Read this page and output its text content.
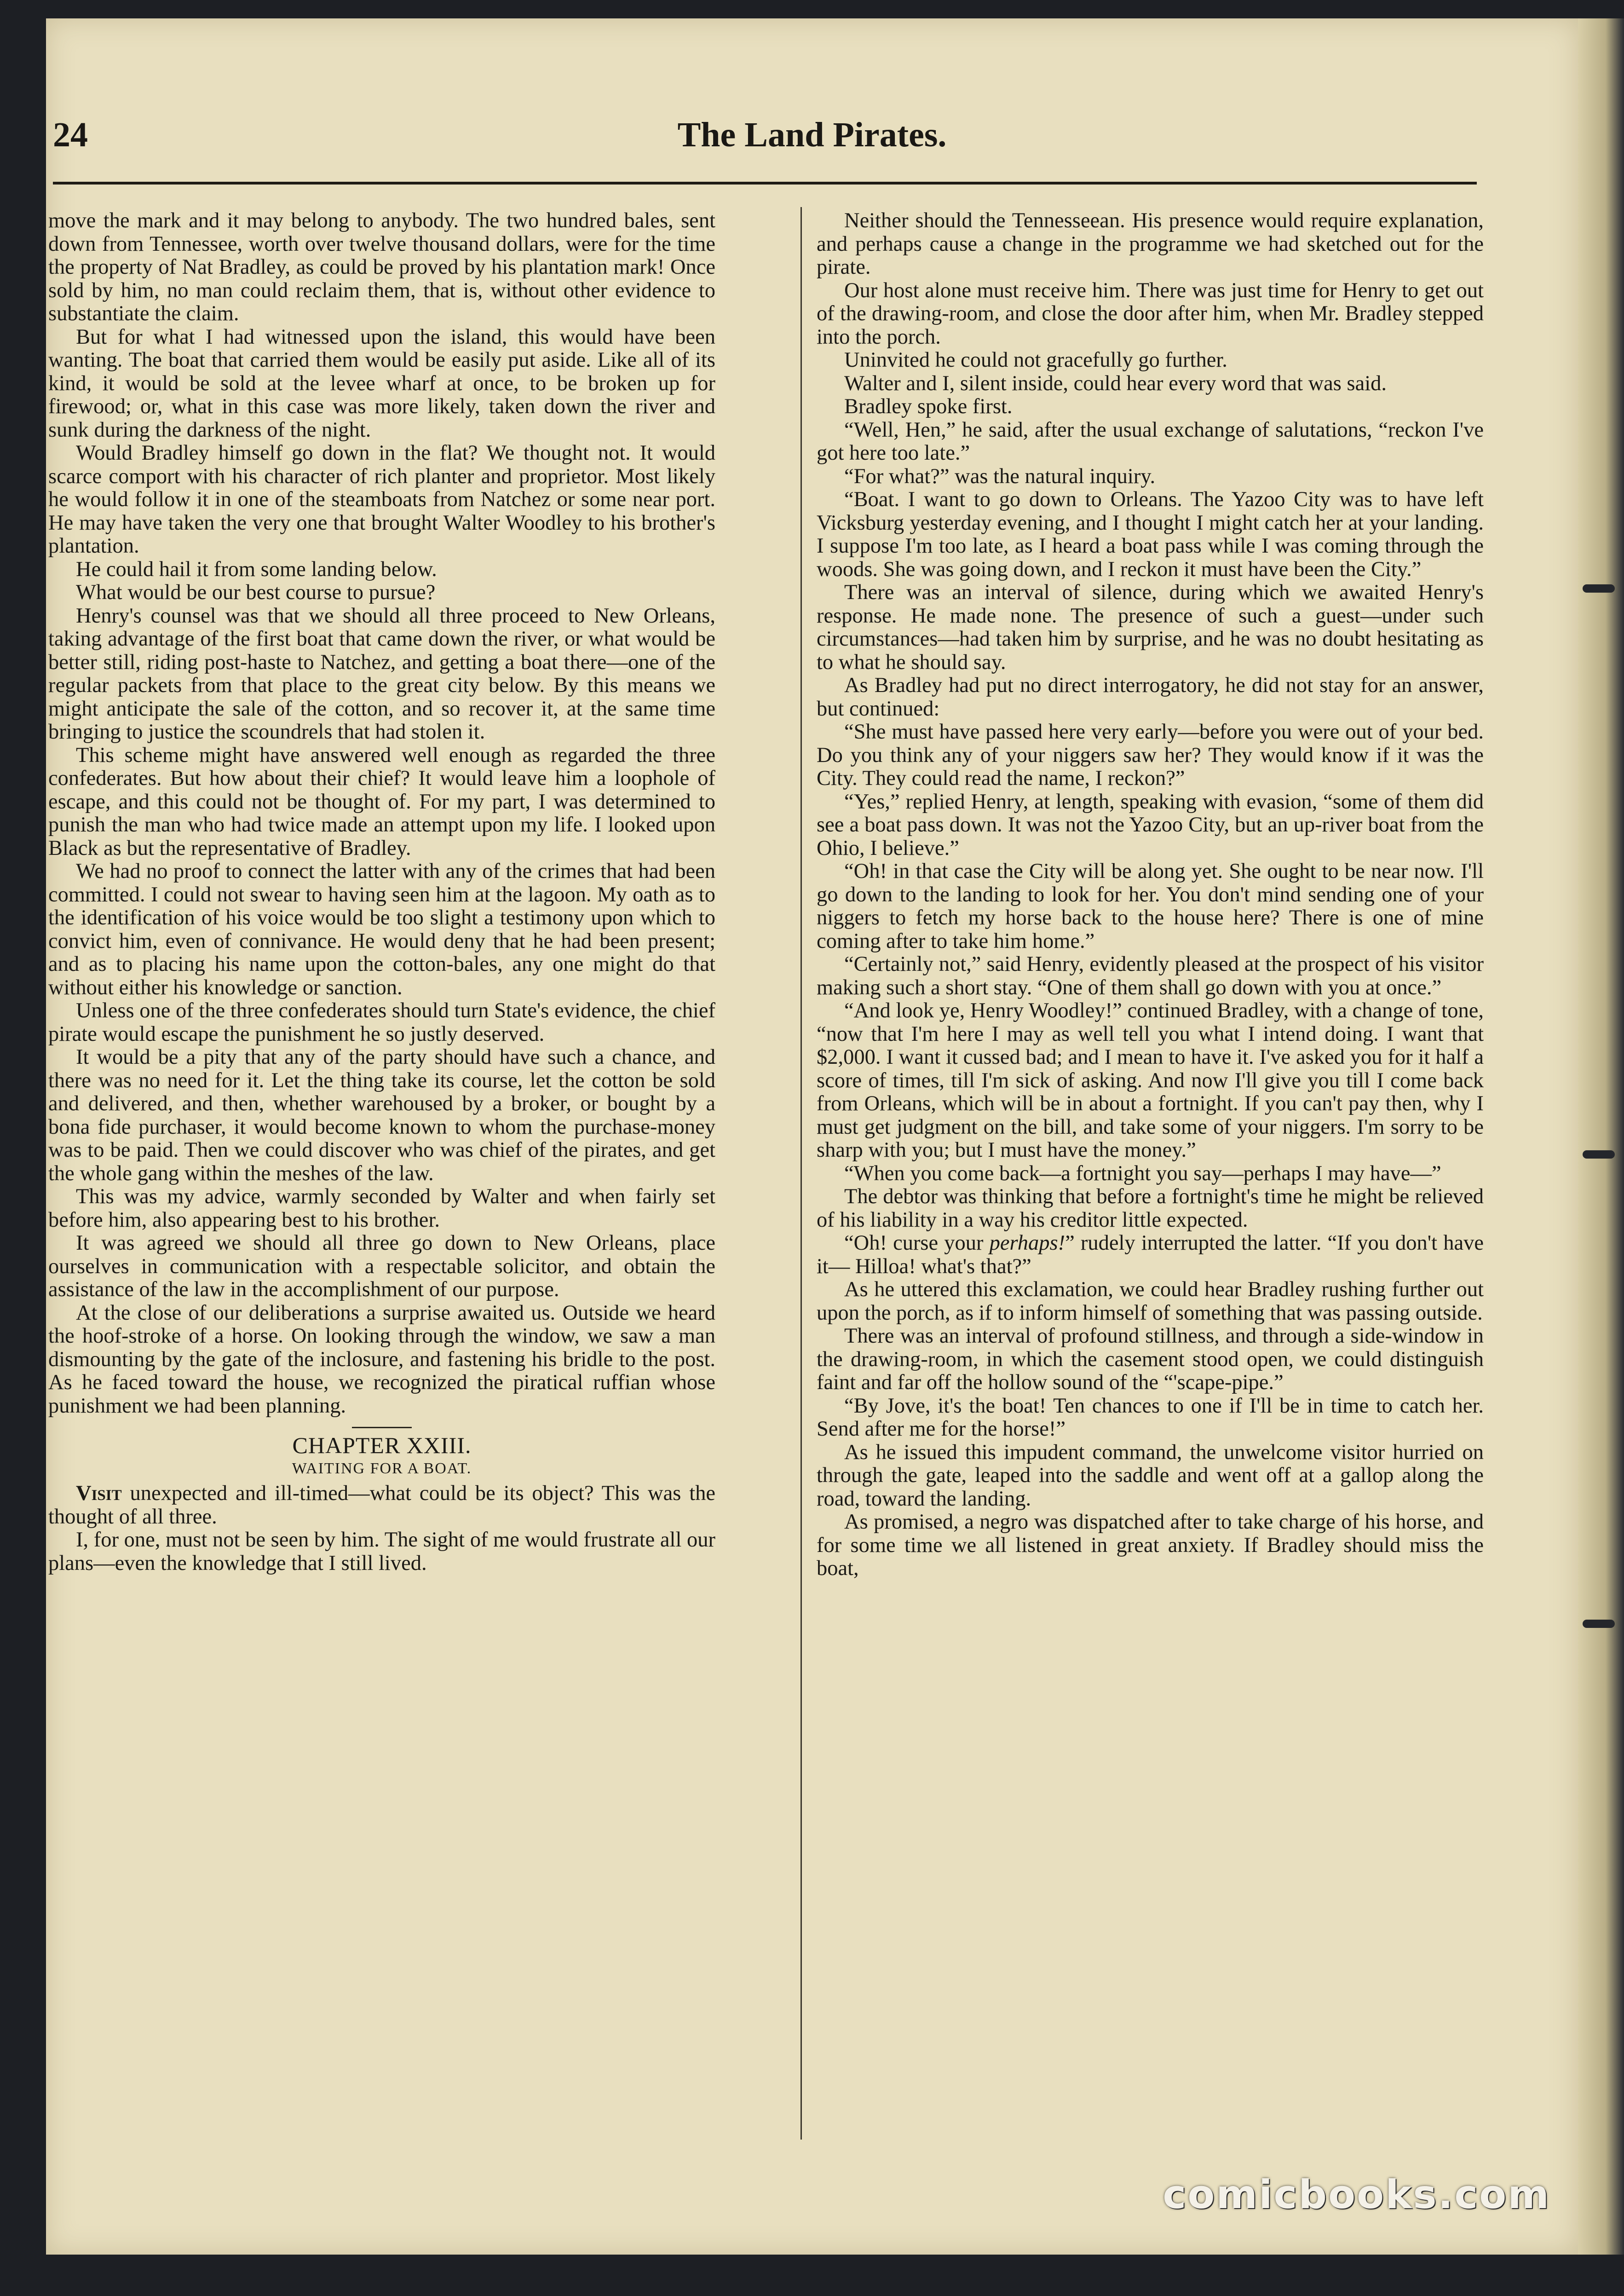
24	The Land Pirates.

move the mark and it may belong to anybody. The two hundred bales, sent down from Tennessee, worth over twelve thousand dollars, were for the time the property of Nat Bradley, as could be proved by his plantation mark! Once sold by him, no man could reclaim them, that is, without other evidence to substantiate the claim.

But for what I had witnessed upon the island, this would have been wanting. The boat that carried them would be easily put aside. Like all of its kind, it would be sold at the levee wharf at once, to be broken up for firewood; or, what in this case was more likely, taken down the river and sunk during the darkness of the night.

Would Bradley himself go down in the flat? We thought not. It would scarce comport with his character of rich planter and proprietor. Most likely he would follow it in one of the steamboats from Natchez or some near port. He may have taken the very one that brought Walter Woodley to his brother's plantation.

He could hail it from some landing below.

What would be our best course to pursue?

Henry's counsel was that we should all three proceed to New Orleans, taking advantage of the first boat that came down the river, or what would be better still, riding post-haste to Natchez, and getting a boat there—one of the regular packets from that place to the great city below. By this means we might anticipate the sale of the cotton, and so recover it, at the same time bringing to justice the scoundrels that had stolen it.

This scheme might have answered well enough as regarded the three confederates. But how about their chief? It would leave him a loophole of escape, and this could not be thought of. For my part, I was determined to punish the man who had twice made an attempt upon my life. I looked upon Black as but the representative of Bradley.

We had no proof to connect the latter with any of the crimes that had been committed. I could not swear to having seen him at the lagoon. My oath as to the identification of his voice would be too slight a testimony upon which to convict him, even of connivance. He would deny that he had been present; and as to placing his name upon the cotton-bales, any one might do that without either his knowledge or sanction.

Unless one of the three confederates should turn State's evidence, the chief pirate would escape the punishment he so justly deserved.

It would be a pity that any of the party should have such a chance, and there was no need for it. Let the thing take its course, let the cotton be sold and delivered, and then, whether warehoused by a broker, or bought by a bona fide purchaser, it would become known to whom the purchase-money was to be paid. Then we could discover who was chief of the pirates, and get the whole gang within the meshes of the law.

This was my advice, warmly seconded by Walter and when fairly set before him, also appearing best to his brother.

It was agreed we should all three go down to New Orleans, place ourselves in communication with a respectable solicitor, and obtain the assistance of the law in the accomplishment of our purpose.

At the close of our deliberations a surprise awaited us. Outside we heard the hoof-stroke of a horse. On looking through the window, we saw a man dismounting by the gate of the inclosure, and fastening his bridle to the post. As he faced toward the house, we recognized the piratical ruffian whose punishment we had been planning.

CHAPTER XXIII.
WAITING FOR A BOAT.

Visit unexpected and ill-timed—what could be its object? This was the thought of all three.

I, for one, must not be seen by him. The sight of me would frustrate all our plans—even the knowledge that I still lived.

Neither should the Tennesseean. His presence would require explanation, and perhaps cause a change in the programme we had sketched out for the pirate.

Our host alone must receive him. There was just time for Henry to get out of the drawing-room, and close the door after him, when Mr. Bradley stepped into the porch.

Uninvited he could not gracefully go further.

Walter and I, silent inside, could hear every word that was said.

Bradley spoke first.

“Well, Hen,” he said, after the usual exchange of salutations, “reckon I've got here too late.”

“For what?” was the natural inquiry.

“Boat. I want to go down to Orleans. The Yazoo City was to have left Vicksburg yesterday evening, and I thought I might catch her at your landing. I suppose I'm too late, as I heard a boat pass while I was coming through the woods. She was going down, and I reckon it must have been the City.”

There was an interval of silence, during which we awaited Henry's response. He made none. The presence of such a guest—under such circumstances—had taken him by surprise, and he was no doubt hesitating as to what he should say.

As Bradley had put no direct interrogatory, he did not stay for an answer, but continued:

“She must have passed here very early—before you were out of your bed. Do you think any of your niggers saw her? They would know if it was the City. They could read the name, I reckon?”

“Yes,” replied Henry, at length, speaking with evasion, “some of them did see a boat pass down. It was not the Yazoo City, but an up-river boat from the Ohio, I believe.”

“Oh! in that case the City will be along yet. She ought to be near now. I'll go down to the landing to look for her. You don't mind sending one of your niggers to fetch my horse back to the house here? There is one of mine coming after to take him home.”

“Certainly not,” said Henry, evidently pleased at the prospect of his visitor making such a short stay. “One of them shall go down with you at once.”

“And look ye, Henry Woodley!” continued Bradley, with a change of tone, “now that I'm here I may as well tell you what I intend doing. I want that $2,000. I want it cussed bad; and I mean to have it. I've asked you for it half a score of times, till I'm sick of asking. And now I'll give you till I come back from Orleans, which will be in about a fortnight. If you can't pay then, why I must get judgment on the bill, and take some of your niggers. I'm sorry to be sharp with you; but I must have the money.”

“When you come back—a fortnight you say—perhaps I may have—”

The debtor was thinking that before a fortnight's time he might be relieved of his liability in a way his creditor little expected.

“Oh! curse your perhaps!” rudely interrupted the latter. “If you don't have it— Hilloa! what's that?”

As he uttered this exclamation, we could hear Bradley rushing further out upon the porch, as if to inform himself of something that was passing outside.

There was an interval of profound stillness, and through a side-window in the drawing-room, in which the casement stood open, we could distinguish faint and far off the hollow sound of the “'scape-pipe.”

“By Jove, it's the boat! Ten chances to one if I'll be in time to catch her. Send after me for the horse!”

As he issued this impudent command, the unwelcome visitor hurried on through the gate, leaped into the saddle and went off at a gallop along the road, toward the landing.

As promised, a negro was dispatched after to take charge of his horse, and for some time we all listened in great anxiety. If Bradley should miss the boat,

comicbooks.com
